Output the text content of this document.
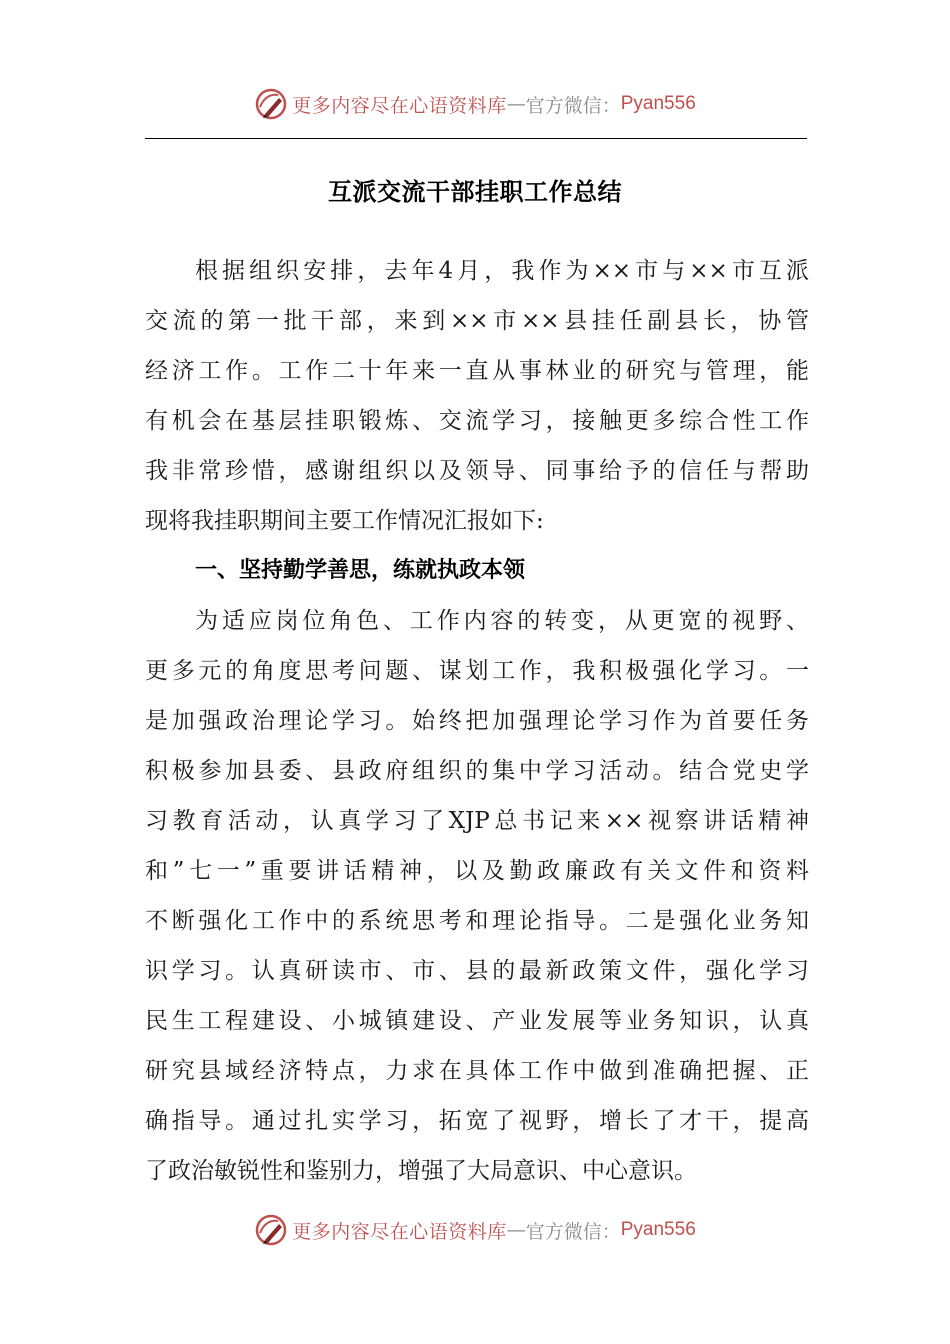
更多内容尽在心语资料库 — 官方微信： Pyan556
互派交流干部挂职工作总结
根据组织安排，去年4月，我作为××市与××市互派
交流的第一批干部，来到××市××县挂任副县长，协管
经济工作。工作二十年来一直从事林业的研究与管理，能
有机会在基层挂职锻炼、交流学习，接触更多综合性工作
我非常珍惜，感谢组织以及领导、同事给予的信任与帮助
现将我挂职期间主要工作情况汇报如下:
一、坚持勤学善思，练就执政本领
为适应岗位角色、工作内容的转变，从更宽的视野、
更多元的角度思考问题、谋划工作，我积极强化学习。一
是加强政治理论学习。始终把加强理论学习作为首要任务
积极参加县委、县政府组织的集中学习活动。结合党史学
习教育活动，认真学习了XJP总书记来××视察讲话精神
和”七一”重要讲话精神，以及勤政廉政有关文件和资料
不断强化工作中的系统思考和理论指导。二是强化业务知
识学习。认真研读市、市、县的最新政策文件，强化学习
民生工程建设、小城镇建设、产业发展等业务知识，认真
研究县域经济特点，力求在具体工作中做到准确把握、正
确指导。通过扎实学习，拓宽了视野，增长了才干，提高
了政治敏锐性和鉴别力，增强了大局意识、中心意识。
更多内容尽在心语资料库 — 官方微信： Pyan556
